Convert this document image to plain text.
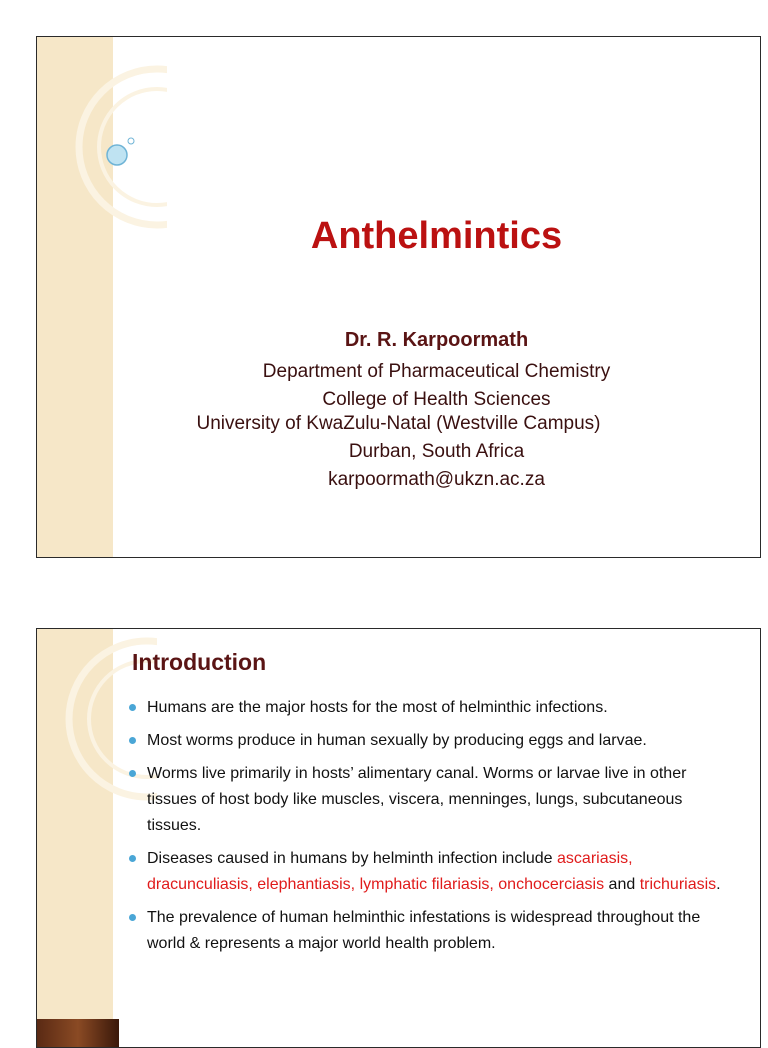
Anthelmintics
Dr. R. Karpoormath
Department of Pharmaceutical Chemistry
College of Health Sciences
University of KwaZulu-Natal (Westville Campus)
Durban, South Africa
karpoormath@ukzn.ac.za
Introduction
Humans are the major hosts for the most of helminthic infections.
Most worms produce in human sexually by producing eggs and larvae.
Worms live primarily in hosts’ alimentary canal. Worms or larvae live in other tissues of host body like muscles, viscera, menninges, lungs, subcutaneous tissues.
Diseases caused in humans by helminth infection include ascariasis, dracunculiasis, elephantiasis, lymphatic filariasis, onchocerciasis and trichuriasis.
The prevalence of human helminthic infestations is widespread throughout the world & represents a major world health problem.
